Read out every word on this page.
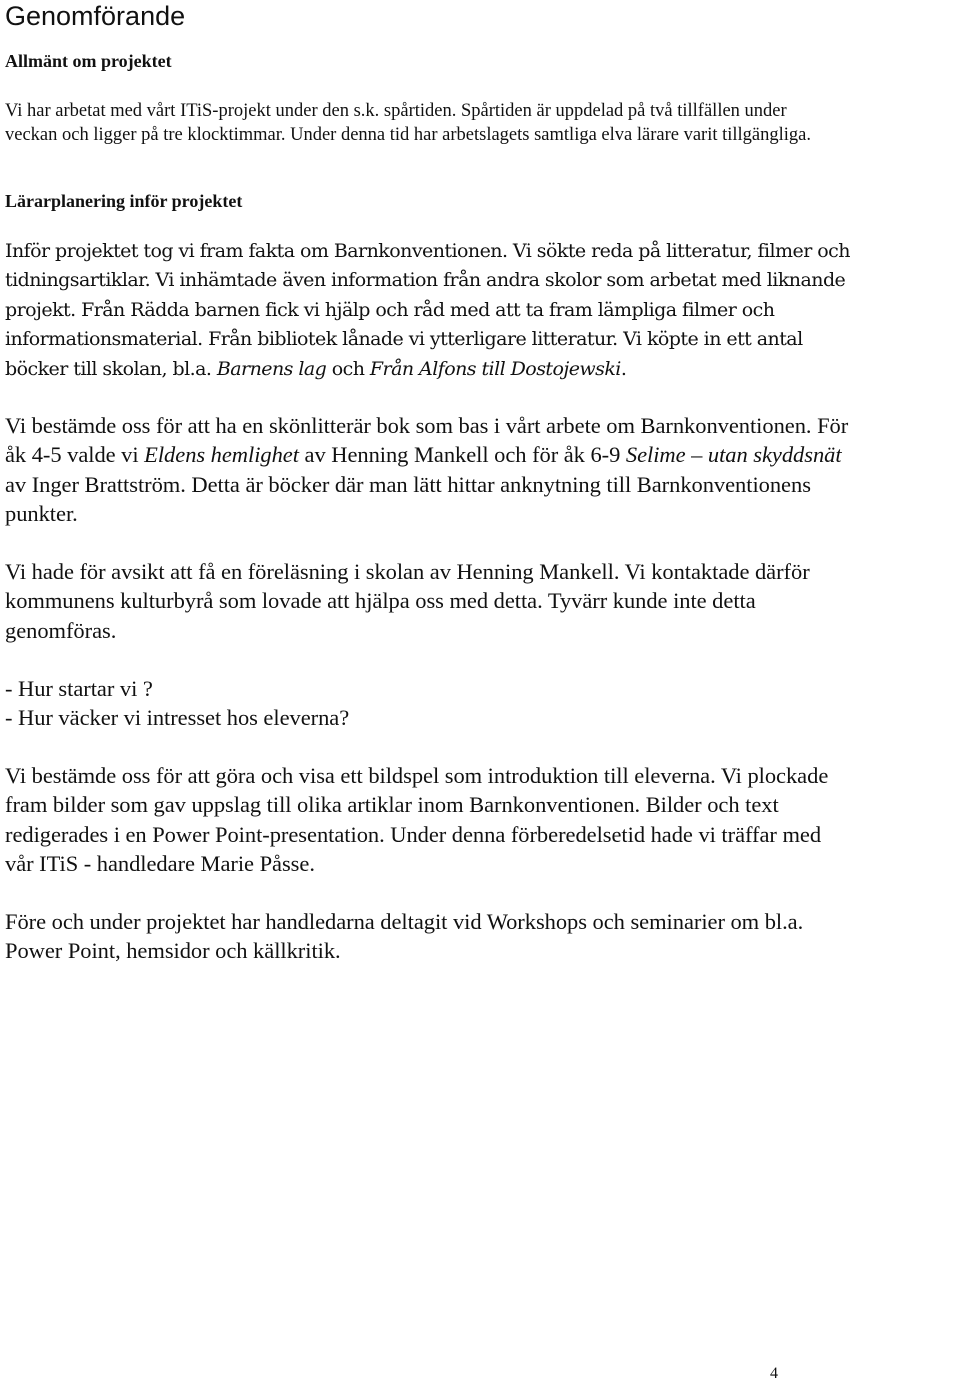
Genomförande
Allmänt om projektet
Vi har arbetat med vårt ITiS-projekt under den s.k. spårtiden. Spårtiden är uppdelad på två tillfällen under
veckan och ligger på tre klocktimmar. Under denna tid har arbetslagets samtliga elva lärare varit tillgängliga.
Lärarplanering inför projektet
Inför projektet tog vi fram fakta om Barnkonventionen. Vi sökte reda på litteratur, filmer och
tidningsartiklar. Vi inhämtade även information från andra skolor som arbetat med liknande
projekt. Från Rädda barnen fick vi hjälp och råd med att ta fram lämpliga filmer och
informationsmaterial. Från bibliotek lånade vi ytterligare litteratur. Vi köpte in ett antal
böcker till skolan, bl.a. Barnens lag och Från Alfons till Dostojewski.
Vi bestämde oss för att ha en skönlitterär bok som bas i vårt arbete om Barnkonventionen. För
åk 4-5 valde vi Eldens hemlighet av Henning Mankell och för åk 6-9 Selime – utan skyddsnät
av Inger Brattström. Detta är böcker där man lätt hittar anknytning till Barnkonventionens
punkter.
Vi hade för avsikt att få en föreläsning i skolan av Henning Mankell. Vi kontaktade därför
kommunens kulturbyrå som lovade att hjälpa oss med detta. Tyvärr kunde inte detta
genomföras.
- Hur startar vi ?
- Hur väcker vi intresset hos eleverna?
Vi bestämde oss för att göra och visa ett bildspel som introduktion till eleverna. Vi plockade
fram bilder som gav uppslag till olika artiklar inom Barnkonventionen. Bilder och text
redigerades i en Power Point-presentation. Under denna förberedelsetid hade vi träffar med
vår ITiS - handledare Marie Påsse.
Före och under projektet har handledarna deltagit vid Workshops och seminarier om bl.a.
Power Point, hemsidor och källkritik.
4
